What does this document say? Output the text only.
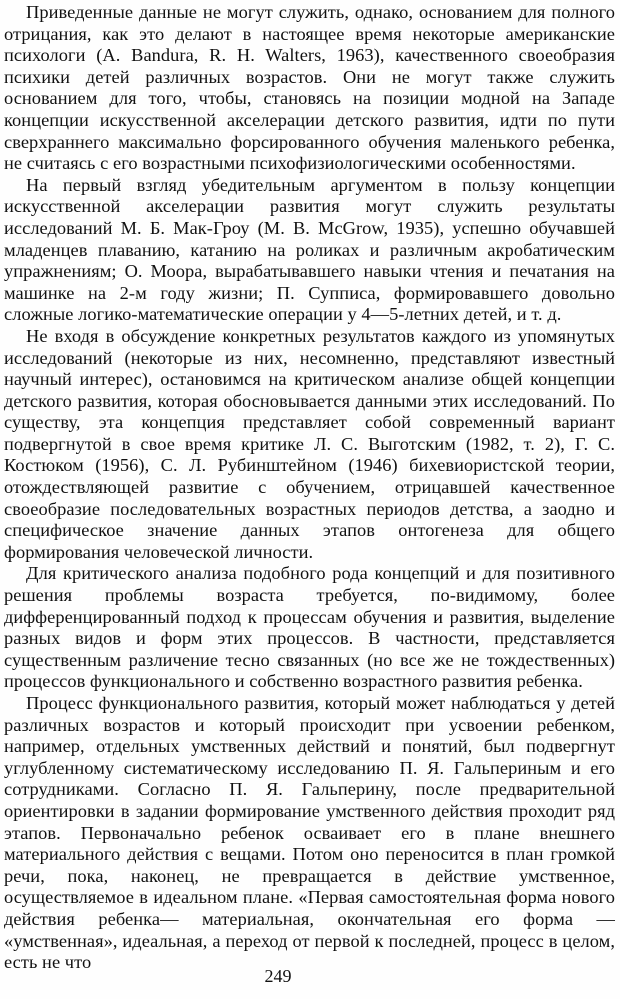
Приведенные данные не могут служить, однако, основанием для полного отрицания, как это делают в настоящее время некоторые американские психологи (A. Bandura, R. H. Walters, 1963), качественного своеобразия психики детей различных возрастов. Они не могут также служить основанием для того, чтобы, становясь на позиции модной на Западе концепции искусственной акселерации детского развития, идти по пути сверхраннего максимально форсированного обучения маленького ребенка, не считаясь с его возрастными психофизиологическими особенностями.

На первый взгляд убедительным аргументом в пользу концепции искусственной акселерации развития могут служить результаты исследований М. Б. Мак-Гроу (M. B. McGrow, 1935), успешно обучавшей младенцев плаванию, катанию на роликах и различным акробатическим упражнениям; О. Моора, вырабатывавшего навыки чтения и печатания на машинке на 2-м году жизни; П. Супписа, формировавшего довольно сложные логико-математические операции у 4—5-летних детей, и т. д.

Не входя в обсуждение конкретных результатов каждого из упомянутых исследований (некоторые из них, несомненно, представляют известный научный интерес), остановимся на критическом анализе общей концепции детского развития, которая обосновывается данными этих исследований. По существу, эта концепция представляет собой современный вариант подвергнутой в свое время критике Л. С. Выготским (1982, т. 2), Г. С. Костюком (1956), С. Л. Рубинштейном (1946) бихевиористской теории, отождествляющей развитие с обучением, отрицавшей качественное своеобразие последовательных возрастных периодов детства, а заодно и специфическое значение данных этапов онтогенеза для общего формирования человеческой личности.

Для критического анализа подобного рода концепций и для позитивного решения проблемы возраста требуется, по-видимому, более дифференцированный подход к процессам обучения и развития, выделение разных видов и форм этих процессов. В частности, представляется существенным различение тесно связанных (но все же не тождественных) процессов функционального и собственно возрастного развития ребенка.

Процесс функционального развития, который может наблюдаться у детей различных возрастов и который происходит при усвоении ребенком, например, отдельных умственных действий и понятий, был подвергнут углубленному систематическому исследованию П. Я. Гальпериным и его сотрудниками. Согласно П. Я. Гальперину, после предварительной ориентировки в задании формирование умственного действия проходит ряд этапов. Первоначально ребенок осваивает его в плане внешнего материального действия с вещами. Потом оно переносится в план громкой речи, пока, наконец, не превращается в действие умственное, осуществляемое в идеальном плане. «Первая самостоятельная форма нового действия ребенка— материальная, окончательная его форма — «умственная», идеальная, а переход от первой к последней, процесс в целом, есть не что

249
